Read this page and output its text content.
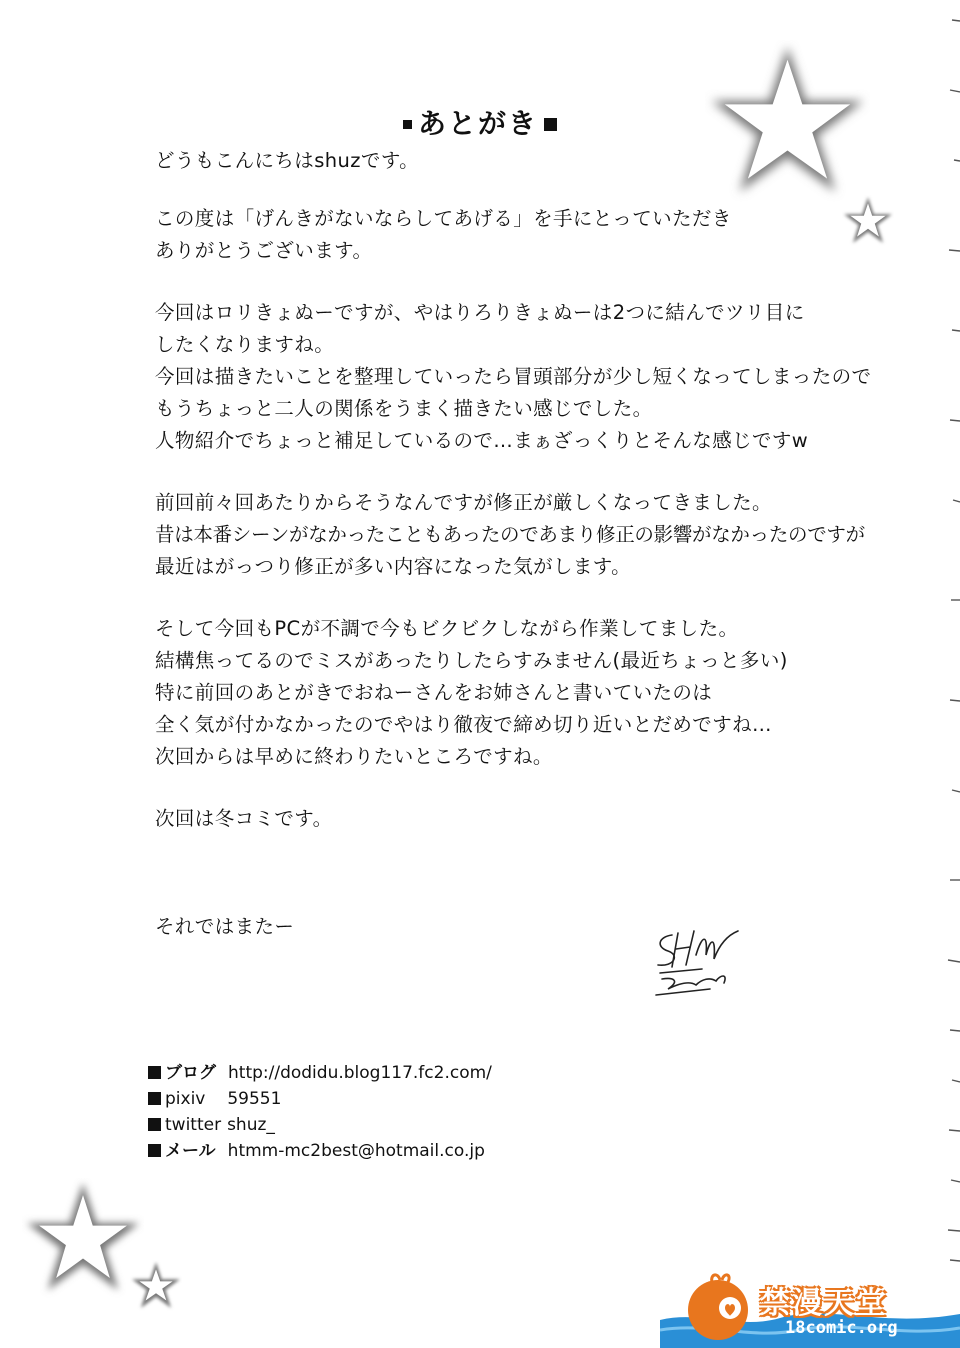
あとがき
どうもこんにちはshuzです。
この度は「げんきがないならしてあげる」を手にとっていただき
ありがとうございます。
今回はロリきょぬーですが、やはりろりきょぬーは2つに結んでツリ目に
したくなりますね。
今回は描きたいことを整理していったら冒頭部分が少し短くなってしまったので
もうちょっと二人の関係をうまく描きたい感じでした。
人物紹介でちょっと補足しているので…まぁざっくりとそんな感じですw
前回前々回あたりからそうなんですが修正が厳しくなってきました。
昔は本番シーンがなかったこともあったのであまり修正の影響がなかったのですが
最近はがっつり修正が多い内容になった気がします。
そして今回もPCが不調で今もビクビクしながら作業してました。
結構焦ってるのでミスがあったりしたらすみません(最近ちょっと多い)
特に前回のあとがきでおねーさんをお姉さんと書いていたのは
全く気が付かなかったのでやはり徹夜で締め切り近いとだめですね…
次回からは早めに終わりたいところですね。
次回は冬コミです。
それではまたー
ブログ http://dodidu.blog117.fc2.com/
pixiv 59551
twitter shuz_
メール htmm-mc2best@hotmail.co.jp
禁漫天堂
18comic.org
